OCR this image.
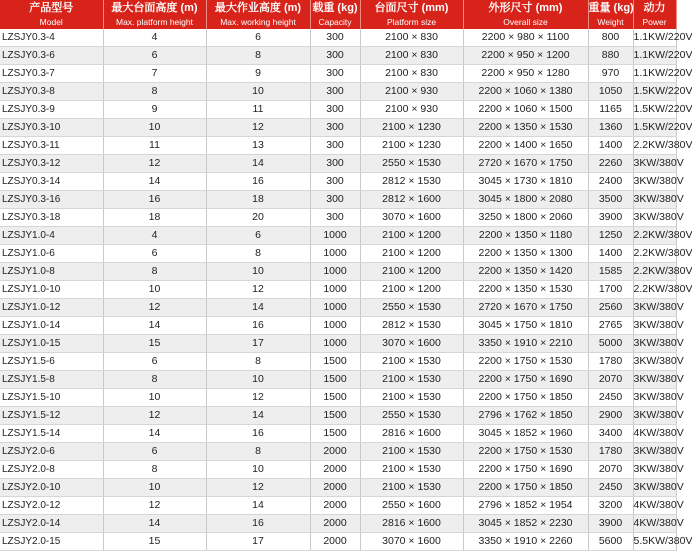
产品型号	最大台面高度 (m)	最大作业高度 (m)	载重 (kg)	台面尺寸 (mm)	外形尺寸 (mm)	重量 (kg)	动力
Model	Max. platform height	Max. working height	Capacity	Platform size	Overall size	Weight	Power
LZSJY0.3-4	4	6	300	2100 × 830	2200 × 980 × 1100	800	1.1KW/220V
LZSJY0.3-6	6	8	300	2100 × 830	2200 × 950 × 1200	880	1.1KW/220V
LZSJY0.3-7	7	9	300	2100 × 830	2200 × 950 × 1280	970	1.1KW/220V
LZSJY0.3-8	8	10	300	2100 × 930	2200 × 1060 × 1380	1050	1.5KW/220V
LZSJY0.3-9	9	11	300	2100 × 930	2200 × 1060 × 1500	1165	1.5KW/220V
LZSJY0.3-10	10	12	300	2100 × 1230	2200 × 1350 × 1530	1360	1.5KW/220V
LZSJY0.3-11	11	13	300	2100 × 1230	2200 × 1400 × 1650	1400	2.2KW/380V
LZSJY0.3-12	12	14	300	2550 × 1530	2720 × 1670 × 1750	2260	3KW/380V
LZSJY0.3-14	14	16	300	2812 × 1530	3045 × 1730 × 1810	2400	3KW/380V
LZSJY0.3-16	16	18	300	2812 × 1600	3045 × 1800 × 2080	3500	3KW/380V
LZSJY0.3-18	18	20	300	3070 × 1600	3250 × 1800 × 2060	3900	3KW/380V
LZSJY1.0-4	4	6	1000	2100 × 1200	2200 × 1350 × 1180	1250	2.2KW/380V
LZSJY1.0-6	6	8	1000	2100 × 1200	2200 × 1350 × 1300	1400	2.2KW/380V
LZSJY1.0-8	8	10	1000	2100 × 1200	2200 × 1350 × 1420	1585	2.2KW/380V
LZSJY1.0-10	10	12	1000	2100 × 1200	2200 × 1350 × 1530	1700	2.2KW/380V
LZSJY1.0-12	12	14	1000	2550 × 1530	2720 × 1670 × 1750	2560	3KW/380V
LZSJY1.0-14	14	16	1000	2812 × 1530	3045 × 1750 × 1810	2765	3KW/380V
LZSJY1.0-15	15	17	1000	3070 × 1600	3350 × 1910 × 2210	5000	3KW/380V
LZSJY1.5-6	6	8	1500	2100 × 1530	2200 × 1750 × 1530	1780	3KW/380V
LZSJY1.5-8	8	10	1500	2100 × 1530	2200 × 1750 × 1690	2070	3KW/380V
LZSJY1.5-10	10	12	1500	2100 × 1530	2200 × 1750 × 1850	2450	3KW/380V
LZSJY1.5-12	12	14	1500	2550 × 1530	2796 × 1762 × 1850	2900	3KW/380V
LZSJY1.5-14	14	16	1500	2816 × 1600	3045 × 1852 × 1960	3400	4KW/380V
LZSJY2.0-6	6	8	2000	2100 × 1530	2200 × 1750 × 1530	1780	3KW/380V
LZSJY2.0-8	8	10	2000	2100 × 1530	2200 × 1750 × 1690	2070	3KW/380V
LZSJY2.0-10	10	12	2000	2100 × 1530	2200 × 1750 × 1850	2450	3KW/380V
LZSJY2.0-12	12	14	2000	2550 × 1600	2796 × 1852 × 1954	3200	4KW/380V
LZSJY2.0-14	14	16	2000	2816 × 1600	3045 × 1852 × 2230	3900	4KW/380V
LZSJY2.0-15	15	17	2000	3070 × 1600	3350 × 1910 × 2260	5600	5.5KW/380V
